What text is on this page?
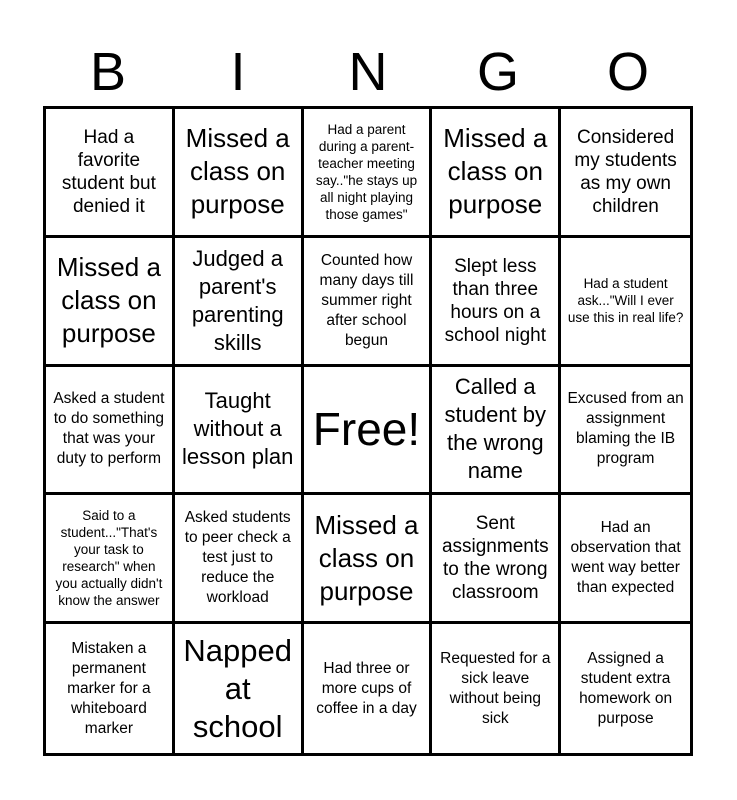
B	I	N	G	O
Had a favorite student but denied it
Missed a class on purpose
Had a parent during a parent-teacher meeting say.."he stays up all night playing those games"
Missed a class on purpose
Considered my students as my own children
Missed a class on purpose
Judged a parent's parenting skills
Counted how many days till summer right after school begun
Slept less than three hours on a school night
Had a student ask..."Will I ever use this in real life?
Asked a student to do something that was your duty to perform
Taught without a lesson plan
Free!
Called a student by the wrong name
Excused from an assignment blaming the IB program
Said to a student..."That's your task to research" when you actually didn't know the answer
Asked students to peer check a test just to reduce the workload
Missed a class on purpose
Sent assignments to the wrong classroom
Had an observation that went way better than expected
Mistaken a permanent marker for a whiteboard marker
Napped at school
Had three or more cups of coffee in a day
Requested for a sick leave without being sick
Assigned a student extra homework on purpose
